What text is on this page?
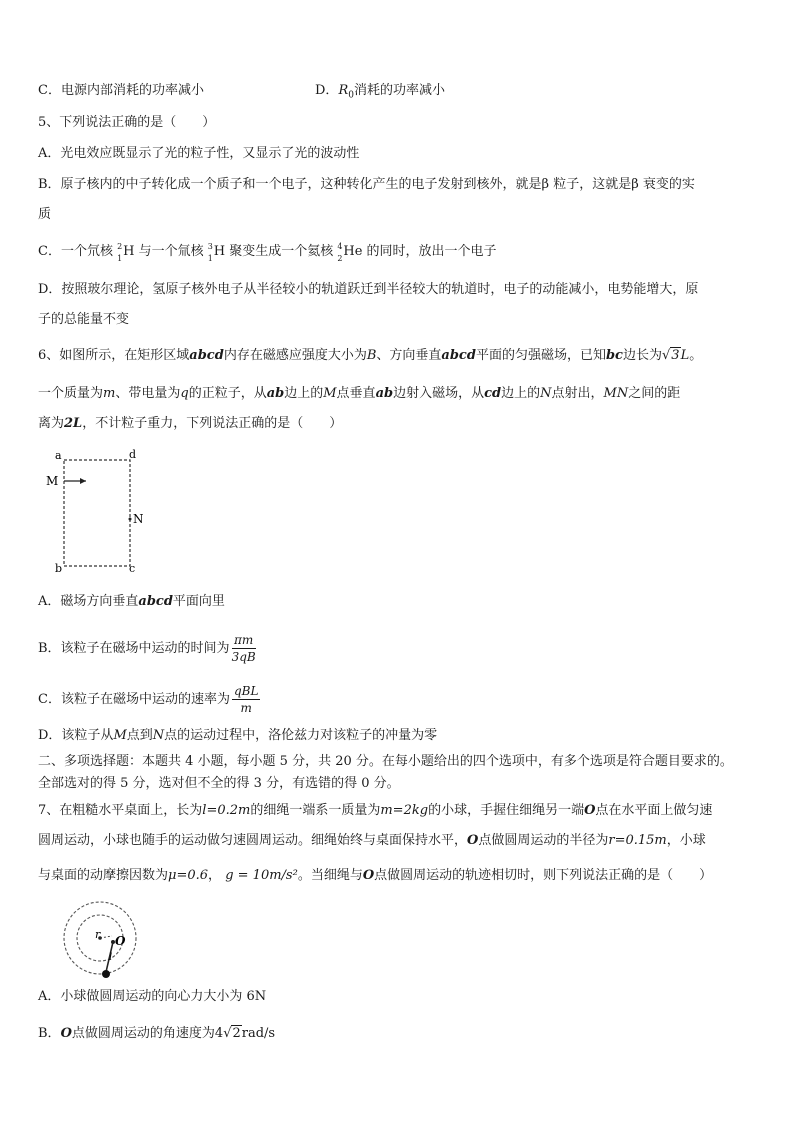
C．电源内部消耗的功率减小	D．$R_0$消耗的功率减小
5、下列说法正确的是（　　）
A．光电效应既显示了光的粒子性，又显示了光的波动性
B．原子核内的中子转化成一个质子和一个电子，这种转化产生的电子发射到核外，就是β 粒子，这就是β 衰变的实
质
C．一个氘核 2
1 H 与一个氚核 3
1 H 聚变生成一个氦核 4
2 He 的同时，放出一个电子
D．按照玻尔理论，氢原子核外电子从半径较小的轨道跃迁到半径较大的轨道时，电子的动能减小，电势能增大，原
子的总能量不变
6、如图所示，在矩形区域abcd内存在磁感应强度大小为B、方向垂直abcd平面的匀强磁场，已知bc边长为√3L。
一个质量为m、带电量为q的正粒子，从ab边上的M点垂直ab边射入磁场，从cd边上的N点射出，MN之间的距
离为2L，不计粒子重力，下列说法正确的是（　　）
a	d
M
N
b	c
A．磁场方向垂直abcd平面向里
B．该粒子在磁场中运动的时间为 $\frac{\pi m}{3qB}$
C．该粒子在磁场中运动的速率为 $\frac{\text{qBL}}{m}$
D．该粒子从M点到N点的运动过程中，洛伦兹力对该粒子的冲量为零
二、多项选择题：本题共 4 小题，每小题 5 分，共 20 分。在每小题给出的四个选项中，有多个选项是符合题目要求的。
全部选对的得 5 分，选对但不全的得 3 分，有选错的得 0 分。
7、在粗糙水平桌面上，长为l=0.2m的细绳一端系一质量为m=2kg的小球，手握住细绳另一端O点在水平面上做匀速
圆周运动，小球也随手的运动做匀速圆周运动。细绳始终与桌面保持水平，O点做圆周运动的半径为r=0.15m，小球
与桌面的动摩擦因数为μ=0.6， g = 10m/s²。当细绳与O点做圆周运动的轨迹相切时，则下列说法正确的是（　　）
r O
l
A．小球做圆周运动的向心力大小为 6N
B．O点做圆周运动的角速度为4√2rad/s
